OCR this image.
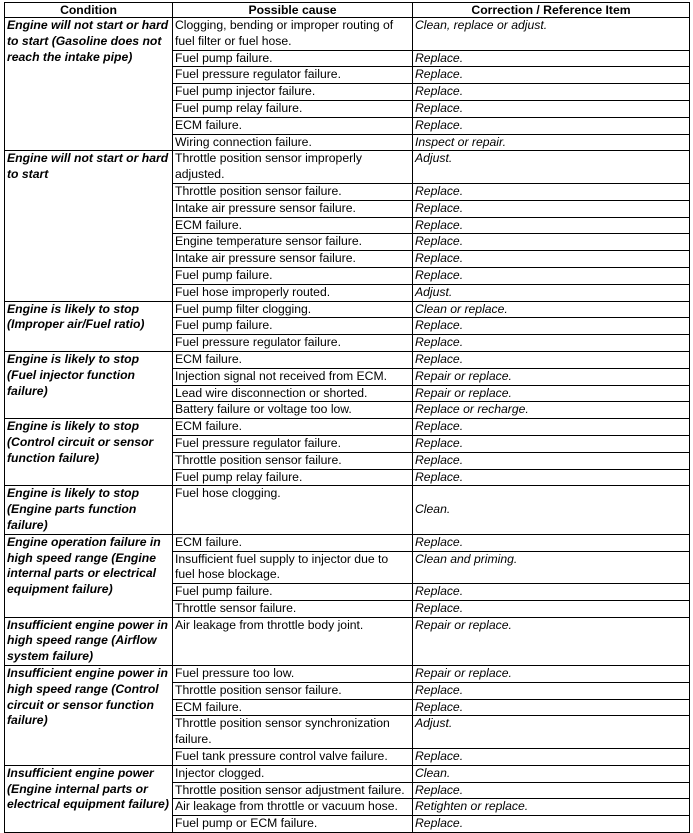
Condition	Possible cause	Correction / Reference Item
Engine will not start or hard to start (Gasoline does not reach the intake pipe)	Clogging, bending or improper routing of fuel filter or fuel hose.	Clean, replace or adjust.
	Fuel pump failure.	Replace.
	Fuel pressure regulator failure.	Replace.
	Fuel pump injector failure.	Replace.
	Fuel pump relay failure.	Replace.
	ECM failure.	Replace.
	Wiring connection failure.	Inspect or repair.
Engine will not start or hard to start	Throttle position sensor improperly adjusted.	Adjust.
	Throttle position sensor failure.	Replace.
	Intake air pressure sensor failure.	Replace.
	ECM failure.	Replace.
	Engine temperature sensor failure.	Replace.
	Intake air pressure sensor failure.	Replace.
	Fuel pump failure.	Replace.
	Fuel hose improperly routed.	Adjust.
Engine is likely to stop (Improper air/Fuel ratio)	Fuel pump filter clogging.	Clean or replace.
	Fuel pump failure.	Replace.
	Fuel pressure regulator failure.	Replace.
Engine is likely to stop (Fuel injector function failure)	ECM failure.	Replace.
	Injection signal not received from ECM.	Repair or replace.
	Lead wire disconnection or shorted.	Repair or replace.
	Battery failure or voltage too low.	Replace or recharge.
Engine is likely to stop (Control circuit or sensor function failure)	ECM failure.	Replace.
	Fuel pressure regulator failure.	Replace.
	Throttle position sensor failure.	Replace.
	Fuel pump relay failure.	Replace.
Engine is likely to stop (Engine parts function failure)	Fuel hose clogging.	Clean.
Engine operation failure in high speed range (Engine internal parts or electrical equipment failure)	ECM failure.	Replace.
	Insufficient fuel supply to injector due to fuel hose blockage.	Clean and priming.
	Fuel pump failure.	Replace.
	Throttle sensor failure.	Replace.
Insufficient engine power in high speed range (Airflow system failure)	Air leakage from throttle body joint.	Repair or replace.
Insufficient engine power in high speed range (Control circuit or sensor function failure)	Fuel pressure too low.	Repair or replace.
	Throttle position sensor failure.	Replace.
	ECM failure.	Replace.
	Throttle position sensor synchronization failure.	Adjust.
	Fuel tank pressure control valve failure.	Replace.
Insufficient engine power (Engine internal parts or electrical equipment failure)	Injector clogged.	Clean.
	Throttle position sensor adjustment failure.	Replace.
	Air leakage from throttle or vacuum hose.	Retighten or replace.
	Fuel pump or ECM failure.	Replace.
